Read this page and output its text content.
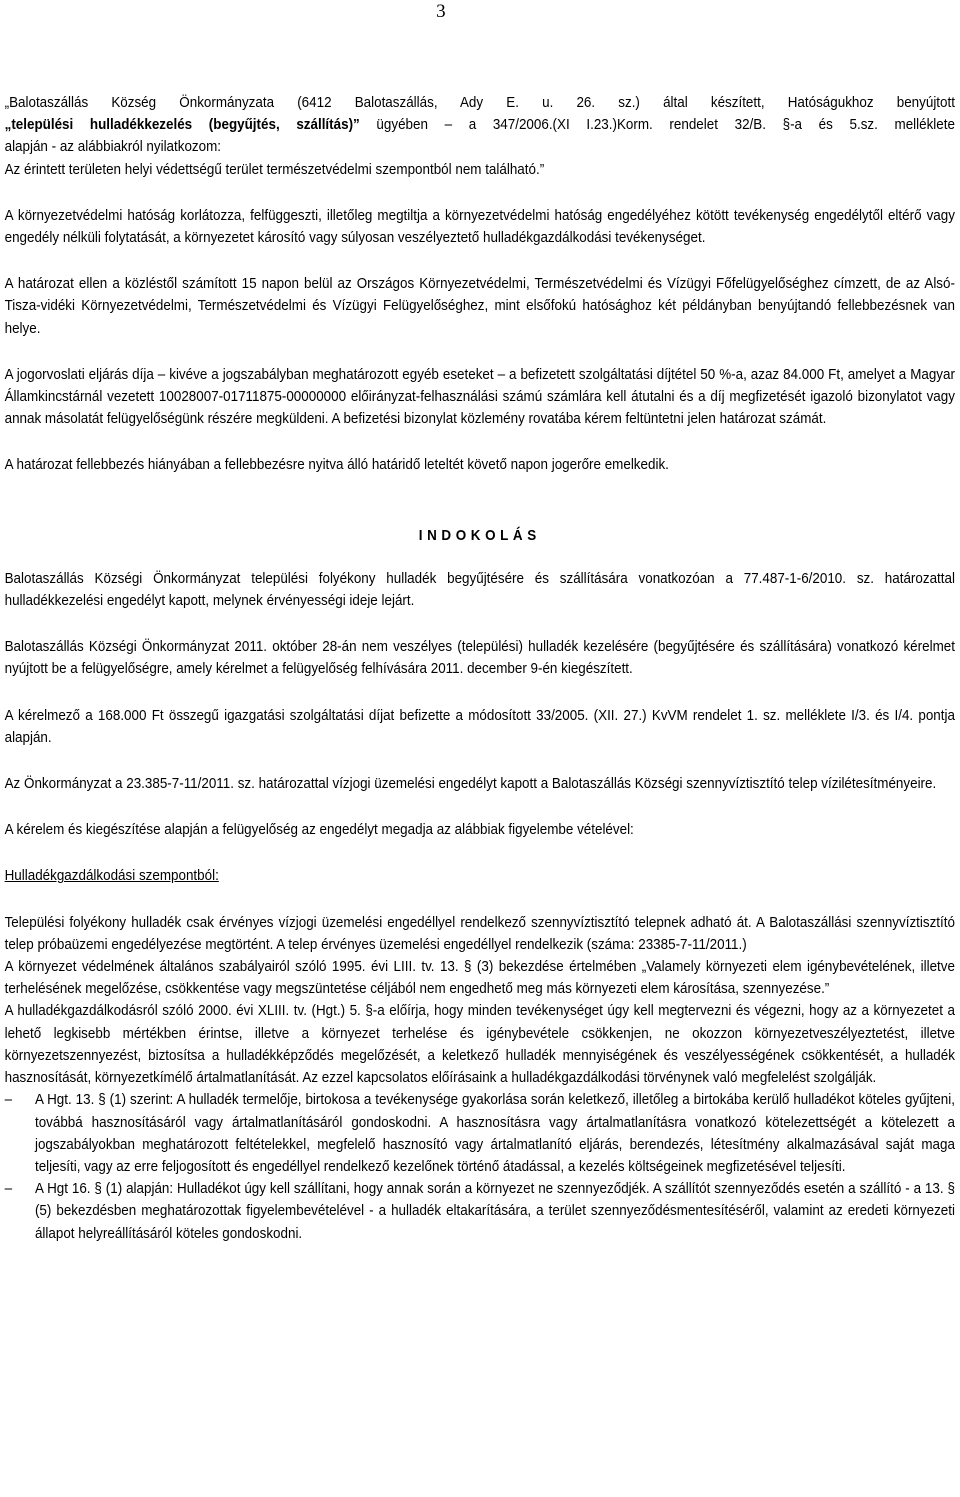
3

„Balotaszállás Község Önkormányzata (6412 Balotaszállás, Ady E. u. 26. sz.) által készített, Hatóságukhoz benyújtott

„települési hulladékkezelés (begyűjtés, szállítás)” ügyében – a 347/2006.(XI I.23.)Korm. rendelet 32/B. §-a és 5.sz. melléklete

alapján - az alábbiakról nyilatkozom:

Az érintett területen helyi védettségű terület természetvédelmi szempontból nem található.”

A környezetvédelmi hatóság korlátozza, felfüggeszti, illetőleg megtiltja a környezetvédelmi hatóság engedélyéhez kötött tevékenység engedélytől eltérő vagy engedély nélküli folytatását, a környezetet károsító vagy súlyosan veszélyeztető hulladékgazdálkodási tevékenységet.

A határozat ellen a közléstől számított 15 napon belül az Országos Környezetvédelmi, Természetvédelmi és Vízügyi Főfelügyelőséghez címzett, de az Alsó-Tisza-vidéki Környezetvédelmi, Természetvédelmi és Vízügyi Felügyelőséghez, mint elsőfokú hatósághoz két példányban benyújtandó fellebbezésnek van helye.

A jogorvoslati eljárás díja – kivéve a jogszabályban meghatározott egyéb eseteket – a befizetett szolgáltatási díjtétel 50 %-a, azaz 84.000 Ft, amelyet a Magyar Államkincstárnál vezetett 10028007-01711875-00000000 előirányzat-felhasználási számú számlára kell átutalni és a díj megfizetését igazoló bizonylatot vagy annak másolatát felügyelőségünk részére megküldeni. A befizetési bizonylat közlemény rovatába kérem feltüntetni jelen határozat számát.

A határozat fellebbezés hiányában a fellebbezésre nyitva álló határidő leteltét követő napon jogerőre emelkedik.

INDOKOLÁS

Balotaszállás Községi Önkormányzat települési folyékony hulladék begyűjtésére és szállítására vonatkozóan a 77.487-1-6/2010. sz. határozattal hulladékkezelési engedélyt kapott, melynek érvényességi ideje lejárt.

Balotaszállás Községi Önkormányzat 2011. október 28-án nem veszélyes (települési) hulladék kezelésére (begyűjtésére és szállítására) vonatkozó kérelmet nyújtott be a felügyelőségre, amely kérelmet a felügyelőség felhívására 2011. december 9-én kiegészített.

A kérelmező a 168.000 Ft összegű igazgatási szolgáltatási díjat befizette a módosított 33/2005. (XII. 27.) KvVM rendelet 1. sz. melléklete I/3. és I/4. pontja alapján.

Az Önkormányzat a 23.385-7-11/2011. sz. határozattal vízjogi üzemelési engedélyt kapott a Balotaszállás Községi szennyvíztisztító telep vízilétesítményeire.

A kérelem és kiegészítése alapján a felügyelőség az engedélyt megadja az alábbiak figyelembe vételével:

Hulladékgazdálkodási szempontból:

Települési folyékony hulladék csak érvényes vízjogi üzemelési engedéllyel rendelkező szennyvíztisztító telepnek adható át. A Balotaszállási szennyvíztisztító telep próbaüzemi engedélyezése megtörtént. A telep érvényes üzemelési engedéllyel rendelkezik (száma: 23385-7-11/2011.)

A környezet védelmének általános szabályairól szóló 1995. évi LIII. tv. 13. § (3) bekezdése értelmében „Valamely környezeti elem igénybevételének, illetve terhelésének megelőzése, csökkentése vagy megszüntetése céljából nem engedhető meg más környezeti elem károsítása, szennyezése.”

A hulladékgazdálkodásról szóló 2000. évi XLIII. tv. (Hgt.) 5. §-a előírja, hogy minden tevékenységet úgy kell megtervezni és végezni, hogy az a környezetet a lehető legkisebb mértékben érintse, illetve a környezet terhelése és igénybevétele csökkenjen, ne okozzon környezetveszélyeztetést, illetve környezetszennyezést, biztosítsa a hulladékképződés megelőzését, a keletkező hulladék mennyiségének és veszélyességének csökkentését, a hulladék hasznosítását, környezetkímélő ártalmatlanítását. Az ezzel kapcsolatos előírásaink a hulladékgazdálkodási törvénynek való megfelelést szolgálják.

– A Hgt. 13. § (1) szerint: A hulladék termelője, birtokosa a tevékenysége gyakorlása során keletkező, illetőleg a birtokába kerülő hulladékot köteles gyűjteni, továbbá hasznosításáról vagy ártalmatlanításáról gondoskodni. A hasznosításra vagy ártalmatlanításra vonatkozó kötelezettségét a kötelezett a jogszabályokban meghatározott feltételekkel, megfelelő hasznosító vagy ártalmatlanító eljárás, berendezés, létesítmény alkalmazásával saját maga teljesíti, vagy az erre feljogosított és engedéllyel rendelkező kezelőnek történő átadással, a kezelés költségeinek megfizetésével teljesíti.

– A Hgt 16. § (1) alapján: Hulladékot úgy kell szállítani, hogy annak során a környezet ne szennyeződjék. A szállítót szennyeződés esetén a szállító - a 13. § (5) bekezdésben meghatározottak figyelembevételével - a hulladék eltakarítására, a terület szennyeződésmentesítéséről, valamint az eredeti környezeti állapot helyreállításáról köteles gondoskodni.
